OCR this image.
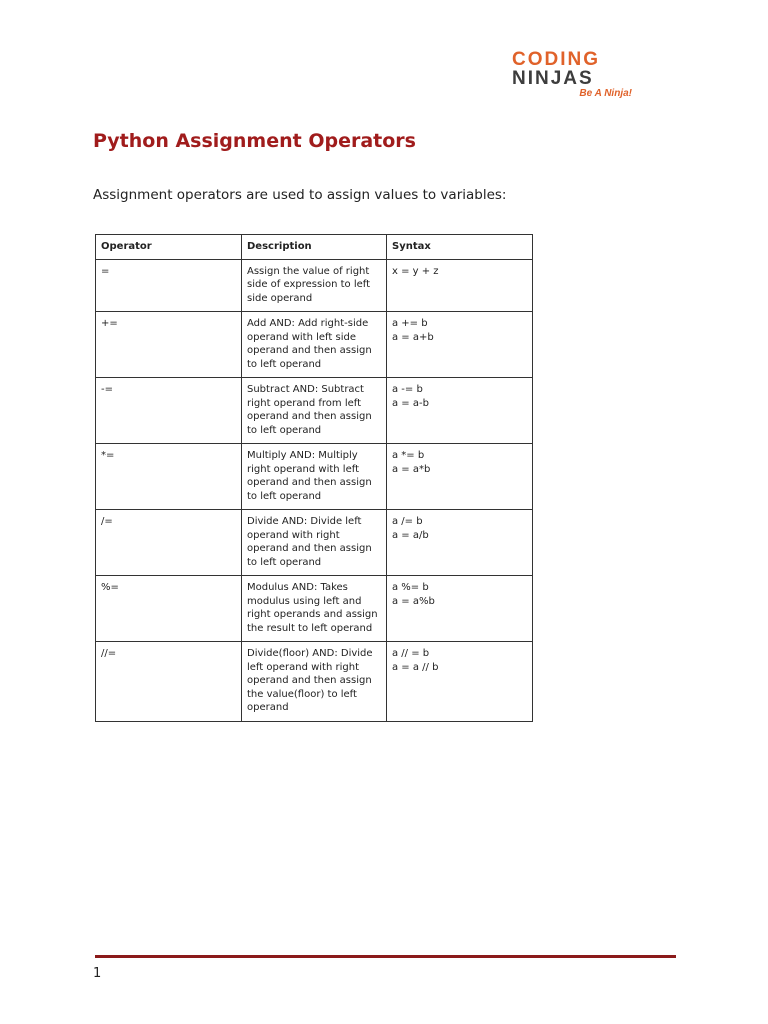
CODING
NINJAS
Be A Ninja!
Python Assignment Operators

Assignment operators are used to assign values to variables:

Operator	Description	Syntax
=	Assign the value of right side of expression to left side operand	x = y + z

+=	Add AND: Add right-side operand with left side operand and then assign to left operand	a += b
a = a+b

-=	Subtract AND: Subtract right operand from left operand and then assign to left operand	a -= b
a = a-b

*=	Multiply AND: Multiply right operand with left operand and then assign to left operand	a *= b
a = a*b

/=	Divide AND: Divide left operand with right operand and then assign to left operand	a /= b
a = a/b

%=	Modulus AND: Takes modulus using left and right operands and assign the result to left operand	a %= b
a = a%b

//=	Divide(floor) AND: Divide left operand with right operand and then assign the value(floor) to left operand	a // = b
a = a // b
1
